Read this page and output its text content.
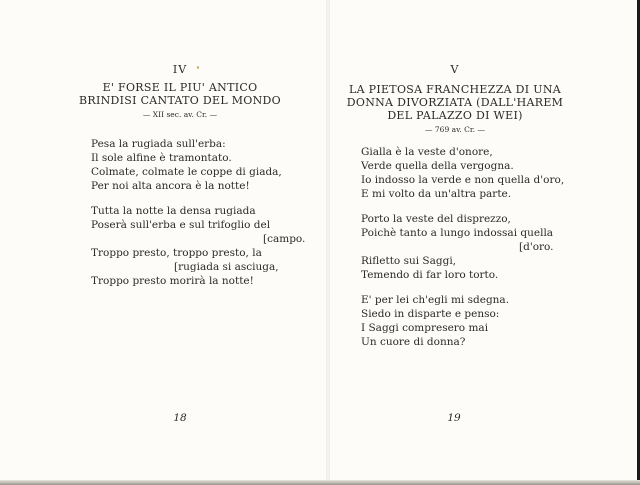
IV
E' FORSE IL PIU' ANTICO
BRINDISI CANTATO DEL MONDO
— XII sec. av. Cr. —
Pesa la rugiada sull'erba:
Il sole alfine è tramontato.
Colmate, colmate le coppe di giada,
Per noi alta ancora è la notte!
Tutta la notte la densa rugiada
Poserà sull'erba e sul trifoglio del
[campo.
Troppo presto, troppo presto, la
[rugiada si asciuga,
Troppo presto morirà la notte!
18
V
LA PIETOSA FRANCHEZZA DI UNA
DONNA DIVORZIATA (DALL'HAREM
DEL PALAZZO DI WEI)
— 769 av. Cr. —
Gialla è la veste d'onore,
Verde quella della vergogna.
Io indosso la verde e non quella d'oro,
E mi volto da un'altra parte.
Porto la veste del disprezzo,
Poichè tanto a lungo indossai quella
[d'oro.
Rifletto sui Saggi,
Temendo di far loro torto.
E' per lei ch'egli mi sdegna.
Siedo in disparte e penso:
I Saggi compresero mai
Un cuore di donna?
19
